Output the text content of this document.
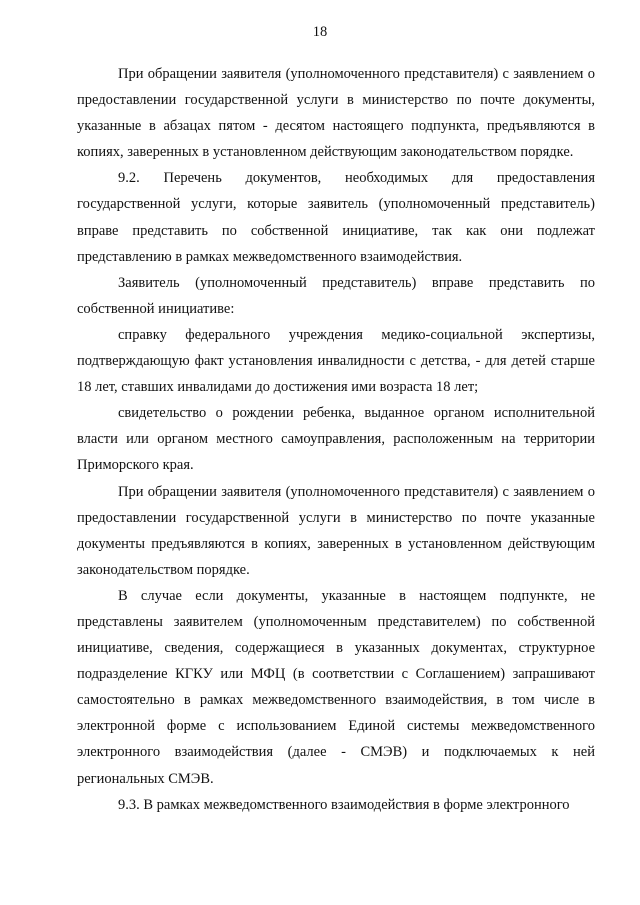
18

При обращении заявителя (уполномоченного представителя) с заявлением о предоставлении государственной услуги в министерство по почте документы, указанные в абзацах пятом - десятом настоящего подпункта, предъявляются в копиях, заверенных в установленном действующим законодательством порядке.

9.2. Перечень документов, необходимых для предоставления государственной услуги, которые заявитель (уполномоченный представитель) вправе представить по собственной инициативе, так как они подлежат представлению в рамках межведомственного взаимодействия.

Заявитель (уполномоченный представитель) вправе представить по собственной инициативе:

справку федерального учреждения медико-социальной экспертизы, подтверждающую факт установления инвалидности с детства, - для детей старше 18 лет, ставших инвалидами до достижения ими возраста 18 лет;

свидетельство о рождении ребенка, выданное органом исполнительной власти или органом местного самоуправления, расположенным на территории Приморского края.

При обращении заявителя (уполномоченного представителя) с заявлением о предоставлении государственной услуги в министерство по почте указанные документы предъявляются в копиях, заверенных в установленном действующим законодательством порядке.

В случае если документы, указанные в настоящем подпункте, не представлены заявителем (уполномоченным представителем) по собственной инициативе, сведения, содержащиеся в указанных документах, структурное подразделение КГКУ или МФЦ (в соответствии с Соглашением) запрашивают самостоятельно в рамках межведомственного взаимодействия, в том числе в электронной форме с использованием Единой системы межведомственного электронного взаимодействия (далее - СМЭВ) и подключаемых к ней региональных СМЭВ.

9.3. В рамках межведомственного взаимодействия в форме электронного
